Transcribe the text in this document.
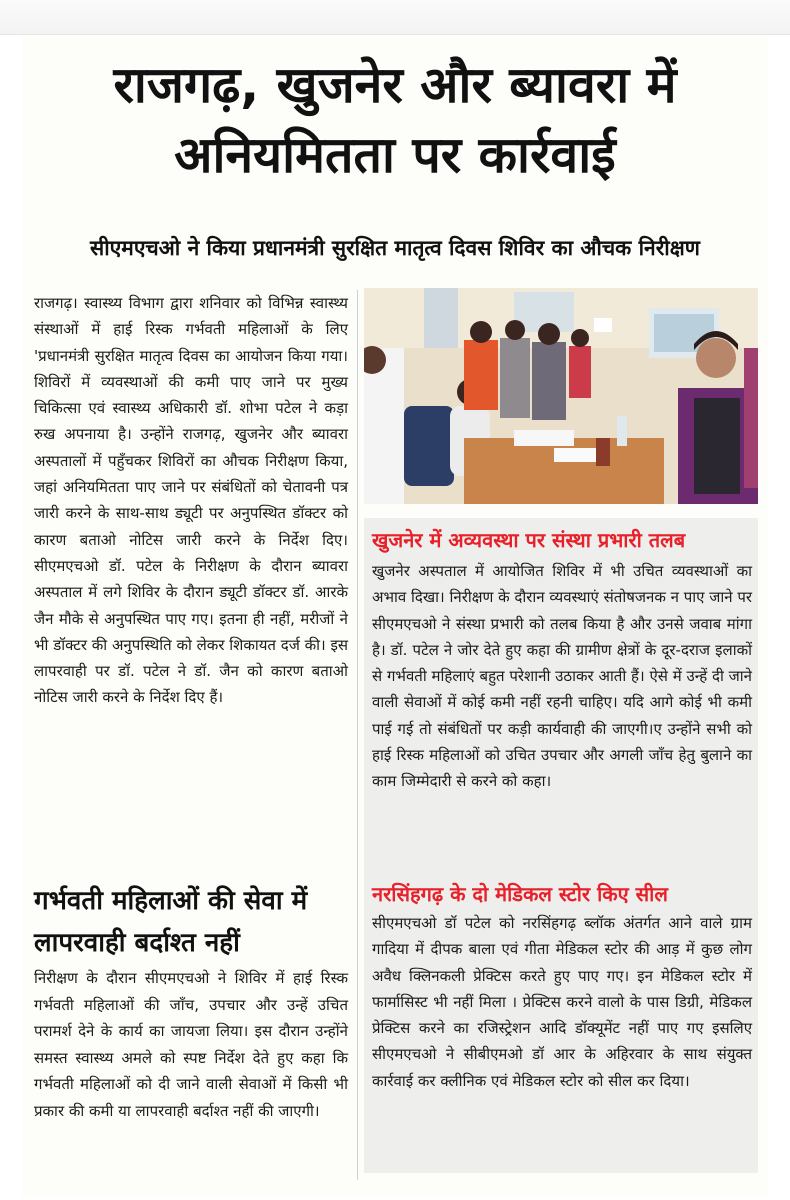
राजगढ़, खुजनेर और ब्यावरा में अनियमितता पर कार्रवाई
सीएमएचओ ने किया प्रधानमंत्री सुरक्षित मातृत्व दिवस शिविर का औचक निरीक्षण
राजगढ़। स्वास्थ्य विभाग द्वारा शनिवार को विभिन्न स्वास्थ्य संस्थाओं में हाई रिस्क गर्भवती महिलाओं के लिए 'प्रधानमंत्री सुरक्षित मातृत्व दिवस का आयोजन किया गया। शिविरों में व्यवस्थाओं की कमी पाए जाने पर मुख्य चिकित्सा एवं स्वास्थ्य अधिकारी डॉ. शोभा पटेल ने कड़ा रुख अपनाया है। उन्होंने राजगढ़, खुजनेर और ब्यावरा अस्पतालों में पहुँचकर शिविरों का औचक निरीक्षण किया, जहां अनियमितता पाए जाने पर संबंधितों को चेतावनी पत्र जारी करने के साथ-साथ ड्यूटी पर अनुपस्थित डॉक्टर को कारण बताओ नोटिस जारी करने के निर्देश दिए। सीएमएचओ डॉ. पटेल के निरीक्षण के दौरान ब्यावरा अस्पताल में लगे शिविर के दौरान ड्यूटी डॉक्टर डॉ. आरके जैन मौके से अनुपस्थित पाए गए। इतना ही नहीं, मरीजों ने भी डॉक्टर की अनुपस्थिति को लेकर शिकायत दर्ज की। इस लापरवाही पर डॉ. पटेल ने डॉ. जैन को कारण बताओ नोटिस जारी करने के निर्देश दिए हैं।
गर्भवती महिलाओं की सेवा में लापरवाही बर्दाश्त नहीं
निरीक्षण के दौरान सीएमएचओ ने शिविर में हाई रिस्क गर्भवती महिलाओं की जाँच, उपचार और उन्हें उचित परामर्श देने के कार्य का जायजा लिया। इस दौरान उन्होंने समस्त स्वास्थ्य अमले को स्पष्ट निर्देश देते हुए कहा कि गर्भवती महिलाओं को दी जाने वाली सेवाओं में किसी भी प्रकार की कमी या लापरवाही बर्दाश्त नहीं की जाएगी।
खुजनेर में अव्यवस्था पर संस्था प्रभारी तलब
खुजनेर अस्पताल में आयोजित शिविर में भी उचित व्यवस्थाओं का अभाव दिखा। निरीक्षण के दौरान व्यवस्थाएं संतोषजनक न पाए जाने पर सीएमएचओ ने संस्था प्रभारी को तलब किया है और उनसे जवाब मांगा है। डॉ. पटेल ने जोर देते हुए कहा की ग्रामीण क्षेत्रों के दूर-दराज इलाकों से गर्भवती महिलाएं बहुत परेशानी उठाकर आती हैं। ऐसे में उन्हें दी जाने वाली सेवाओं में कोई कमी नहीं रहनी चाहिए। यदि आगे कोई भी कमी पाई गई तो संबंधितों पर कड़ी कार्यवाही की जाएगी।ए उन्होंने सभी को हाई रिस्क महिलाओं को उचित उपचार और अगली जाँच हेतु बुलाने का काम जिम्मेदारी से करने को कहा।
नरसिंहगढ़ के दो मेडिकल स्टोर किए सील
सीएमएचओ डॉ पटेल को नरसिंहगढ़ ब्लॉक अंतर्गत आने वाले ग्राम गादिया में दीपक बाला एवं गीता मेडिकल स्टोर की आड़ में कुछ लोग अवैध क्लिनकली प्रेक्टिस करते हुए पाए गए। इन मेडिकल स्टोर में फार्मासिस्ट भी नहीं मिला । प्रेक्टिस करने वालो के पास डिग्री, मेडिकल प्रेक्टिस करने का रजिस्ट्रेशन आदि डॉक्यूमेंट नहीं पाए गए इसलिए सीएमएचओ ने सीबीएमओ डॉ आर के अहिरवार के साथ संयुक्त कार्रवाई कर क्लीनिक एवं मेडिकल स्टोर को सील कर दिया।
